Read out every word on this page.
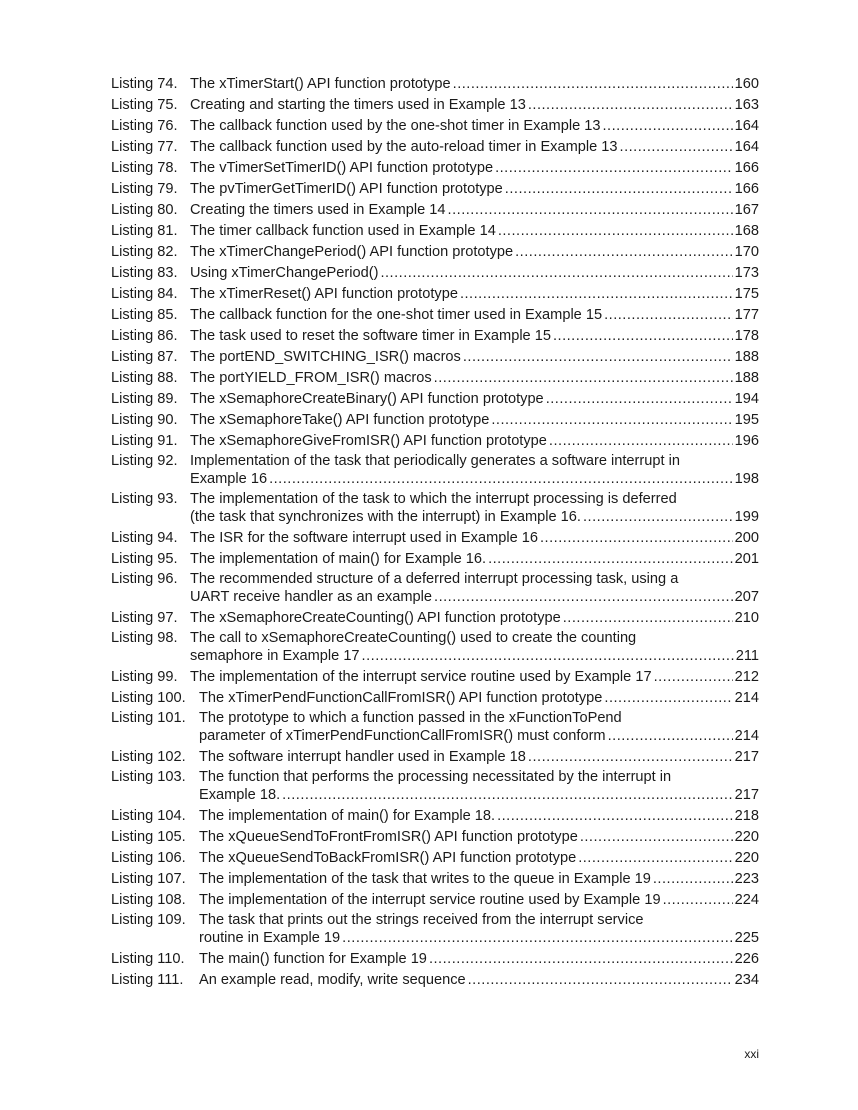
Listing 74. The xTimerStart() API function prototype .....	160
Listing 75. Creating and starting the timers used in Example 13 .....	163
Listing 76. The callback function used by the one-shot timer in Example 13 .....	164
Listing 77. The callback function used by the auto-reload timer in Example 13 .....	164
Listing 78. The vTimerSetTimerID() API function prototype .....	166
Listing 79. The pvTimerGetTimerID() API function prototype .....	166
Listing 80. Creating the timers used in Example 14 .....	167
Listing 81. The timer callback function used in Example 14 .....	168
Listing 82. The xTimerChangePeriod() API function prototype .....	170
Listing 83. Using xTimerChangePeriod() .....	173
Listing 84. The xTimerReset() API function prototype .....	175
Listing 85. The callback function for the one-shot timer used in Example 15 .....	177
Listing 86. The task used to reset the software timer in Example 15 .....	178
Listing 87. The portEND_SWITCHING_ISR() macros .....	188
Listing 88. The portYIELD_FROM_ISR() macros .....	188
Listing 89. The xSemaphoreCreateBinary() API function prototype .....	194
Listing 90. The xSemaphoreTake() API function prototype .....	195
Listing 91. The xSemaphoreGiveFromISR() API function prototype .....	196
Listing 92. Implementation of the task that periodically generates a software interrupt in
Example 16 .....	198
Listing 93. The implementation of the task to which the interrupt processing is deferred
(the task that synchronizes with the interrupt) in Example 16. .....	199
Listing 94. The ISR for the software interrupt used in Example 16 .....	200
Listing 95. The implementation of main() for Example 16. .....	201
Listing 96. The recommended structure of a deferred interrupt processing task, using a
UART receive handler as an example .....	207
Listing 97. The xSemaphoreCreateCounting() API function prototype .....	210
Listing 98. The call to xSemaphoreCreateCounting() used to create the counting
semaphore in Example 17 .....	211
Listing 99. The implementation of the interrupt service routine used by Example 17 .....	212
Listing 100. The xTimerPendFunctionCallFromISR() API function prototype .....	214
Listing 101. The prototype to which a function passed in the xFunctionToPend
parameter of xTimerPendFunctionCallFromISR() must conform .....	214
Listing 102. The software interrupt handler used in Example 18 .....	217
Listing 103. The function that performs the processing necessitated by the interrupt in
Example 18. .....	217
Listing 104. The implementation of main() for Example 18. .....	218
Listing 105. The xQueueSendToFrontFromISR() API function prototype .....	220
Listing 106. The xQueueSendToBackFromISR() API function prototype .....	220
Listing 107. The implementation of the task that writes to the queue in Example 19 .....	223
Listing 108. The implementation of the interrupt service routine used by Example 19 .....	224
Listing 109. The task that prints out the strings received from the interrupt service
routine in Example 19 .....	225
Listing 110. The main() function for Example 19 .....	226
Listing 111.	An example read, modify, write sequence .....	234
xxi
